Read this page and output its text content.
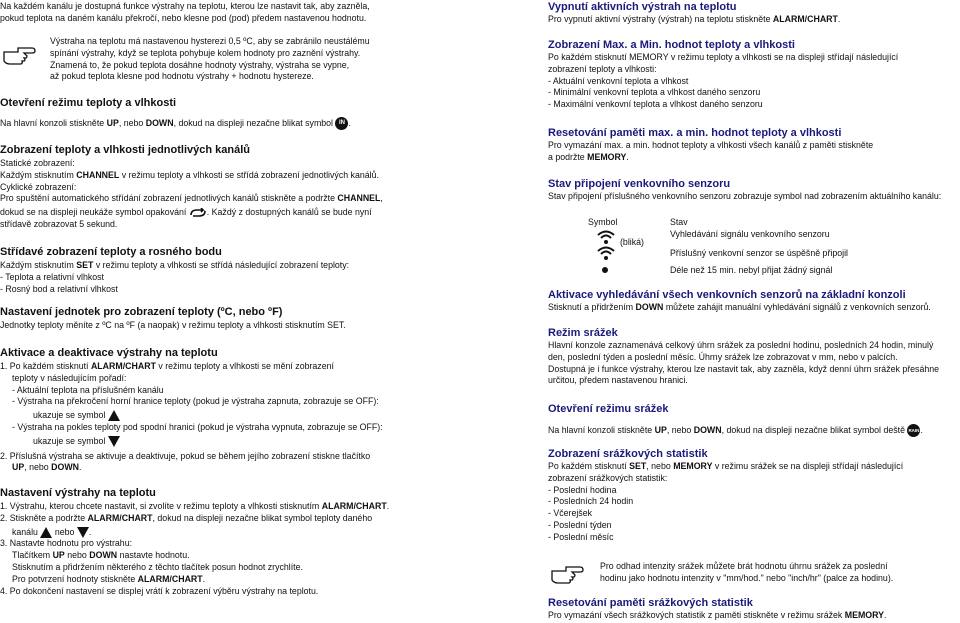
Na každém kanálu je dostupná funkce výstrahy na teplotu, kterou lze nastavit tak, aby zazněla,

pokud teplota na daném kanálu překročí, nebo klesne pod (pod) předem nastavenou hodnotu.

Výstraha na teplotu má nastavenou hysterezi 0,5 ºC, aby se zabránilo neustálému

spínání výstrahy, když se teplota pohybuje kolem hodnoty pro zaznění výstrahy.

Znamená to, že pokud teplota dosáhne hodnoty výstrahy, výstraha se vypne,

až pokud teplota klesne pod hodnotu výstrahy + hodnotu hystereze.

Otevření režimu teploty a vlhkosti

Na hlavní konzoli stiskněte UP, nebo DOWN, dokud na displeji nezačne blikat symbol IN .

Zobrazení teploty a vlhkosti jednotlivých kanálů

Statické zobrazení:

Každým stisknutím CHANNEL v režimu teploty a vlhkosti se střídá zobrazení jednotlivých kanálů.

Cyklické zobrazení:

Pro spuštění automatického střídání zobrazení jednotlivých kanálů stiskněte a podržte CHANNEL,

dokud se na displeji neukáže symbol opakování . Každý z dostupných kanálů se bude nyní

střídavě zobrazovat 5 sekund.

Střídavé zobrazení teploty a rosného bodu

Každým stisknutím SET v režimu teploty a vlhkosti se střídá následující zobrazení teploty:

- Teplota a relativní vlhkost

- Rosný bod a relativní vlhkost

Nastavení jednotek pro zobrazení teploty (ºC, nebo ºF)

Jednotky teploty měníte z ºC na ºF (a naopak) v režimu teploty a vlhkosti stisknutím SET.

Aktivace a deaktivace výstrahy na teplotu

1. Po každém stisknutí ALARM/CHART v režimu teploty a vlhkosti se mění zobrazení

teploty v následujícím pořadí:

- Aktuální teplota na příslušném kanálu

- Výstraha na překročení horní hranice teploty (pokud je výstraha zapnuta, zobrazuje se OFF):

ukazuje se symbol

- Výstraha na pokles teploty pod spodní hranici (pokud je výstraha vypnuta, zobrazuje se OFF):

ukazuje se symbol

2. Příslušná výstraha se aktivuje a deaktivuje, pokud se během jejího zobrazení stiskne tlačítko

UP, nebo DOWN.

Nastavení výstrahy na teplotu

1. Výstrahu, kterou chcete nastavit, si zvolíte v režimu teploty a vlhkosti stisknutím ALARM/CHART.

2. Stiskněte a podržte ALARM/CHART, dokud na displeji nezačne blikat symbol teploty daného

kanálu nebo .

3. Nastavte hodnotu pro výstrahu:

Tlačítkem UP nebo DOWN nastavte hodnotu.

Stisknutím a přidržením některého z těchto tlačítek posun hodnot zrychlíte.

Pro potvrzení hodnoty stiskněte ALARM/CHART.

4. Po dokončení nastavení se displej vrátí k zobrazení výběru výstrahy na teplotu.

Vypnutí aktivních výstrah na teplotu

Pro vypnutí aktivní výstrahy (výstrah) na teplotu stiskněte ALARM/CHART.

Zobrazení Max. a Min. hodnot teploty a vlhkosti

Po každém stisknutí MEMORY v režimu teploty a vlhkosti se na displeji střídají následující

zobrazení teploty a vlhkosti:

- Aktuální venkovní teplota a vlhkost

- Minimální venkovní teplota a vlhkost daného senzoru

- Maximální venkovní teplota a vlhkost daného senzoru

Resetování paměti max. a min. hodnot teploty a vlhkosti

Pro vymazání max. a min. hodnot teploty a vlhkosti všech kanálů z paměti stiskněte

a podržte MEMORY.

Stav připojení venkovního senzoru

Stav připojení příslušného venkovního senzoru zobrazuje symbol nad zobrazením aktuálního kanálu:

Symbol	Stav
(bliká)
Vyhledávání signálu venkovního senzoru
Příslušný venkovní senzor se úspěšně připojil
Déle než 15 min. nebyl přijat žádný signál
Aktivace vyhledávání všech venkovních senzorů na základní konzoli

Stisknutí a přidržením DOWN můžete zahájit manuální vyhledávání signálů z venkovních senzorů.

Režim srážek

Hlavní konzole zaznamenává celkový úhrn srážek za poslední hodinu, posledních 24 hodin, minulý

den, poslední týden a poslední měsíc. Úhrny srážek lze zobrazovat v mm, nebo v palcích.

Dostupná je i funkce výstrahy, kterou lze nastavit tak, aby zazněla, když denní úhrn srážek přesáhne

určitou, předem nastavenou hranici.

Otevření režimu srážek

Na hlavní konzoli stiskněte UP, nebo DOWN, dokud na displeji nezačne blikat symbol deště RAIN.

Zobrazení srážkových statistik

Po každém stisknutí SET, nebo MEMORY v režimu srážek se na displeji střídají následující

zobrazení srážkových statistik:

- Poslední hodina

- Posledních 24 hodin

- Včerejšek

- Poslední týden

- Poslední měsíc

Pro odhad intenzity srážek můžete brát hodnotu úhrnu srážek za poslední

hodinu jako hodnotu intenzity v "mm/hod." nebo "inch/hr" (palce za hodinu).

Resetování paměti srážkových statistik

Pro vymazání všech srážkových statistik z paměti stiskněte v režimu srážek MEMORY.
